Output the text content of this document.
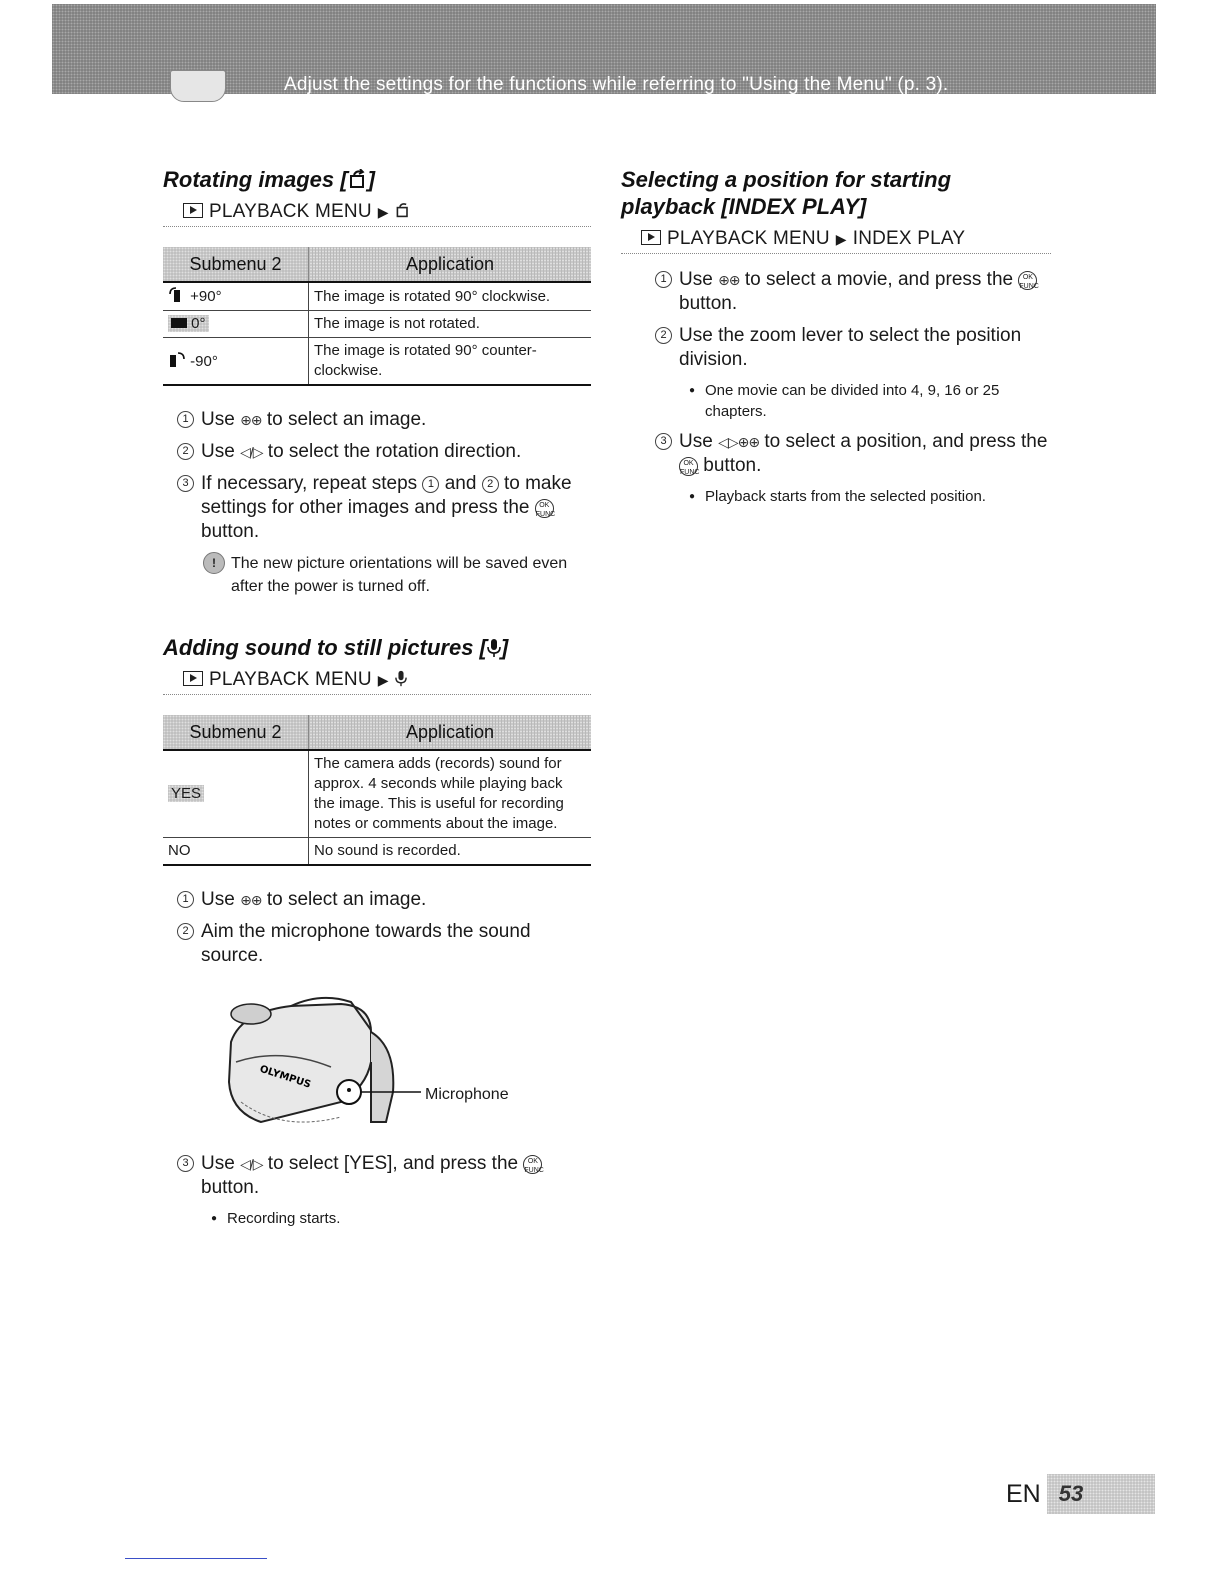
Adjust the settings for the functions while referring to "Using the Menu" (p. 3).
Rotating images [ ]
PLAYBACK MENU ▶
Submenu 2	Application
+90°	The image is rotated 90° clockwise.
0°	The image is not rotated.
-90°	The image is rotated 90° counter-clockwise.
1 Use ⊕⊕ to select an image.
2 Use ◁/▷ to select the rotation direction.
3 If necessary, repeat steps 1 and 2 to make settings for other images and press the OK
FUNC button.
! The new picture orientations will be saved even after the power is turned off.
Adding sound to still pictures [ ]
PLAYBACK MENU ▶
Submenu 2	Application
YES	The camera adds (records) sound for approx. 4 seconds while playing back the image. This is useful for recording notes or comments about the image.
NO	No sound is recorded.
1 Use ⊕⊕ to select an image.
2 Aim the microphone towards the sound source.
OLYMPUS
Microphone
3 Use ◁/▷ to select [YES], and press the OK
FUNC button.
● Recording starts.
Selecting a position for starting playback [INDEX PLAY]
PLAYBACK MENU ▶ INDEX PLAY
1 Use ⊕⊕ to select a movie, and press the OK
FUNC button.
2 Use the zoom lever to select the position division.
● One movie can be divided into 4, 9, 16 or 25 chapters.
3 Use ◁▷⊕⊕ to select a position, and press the OK
FUNC button.
● Playback starts from the selected position.
EN 53
